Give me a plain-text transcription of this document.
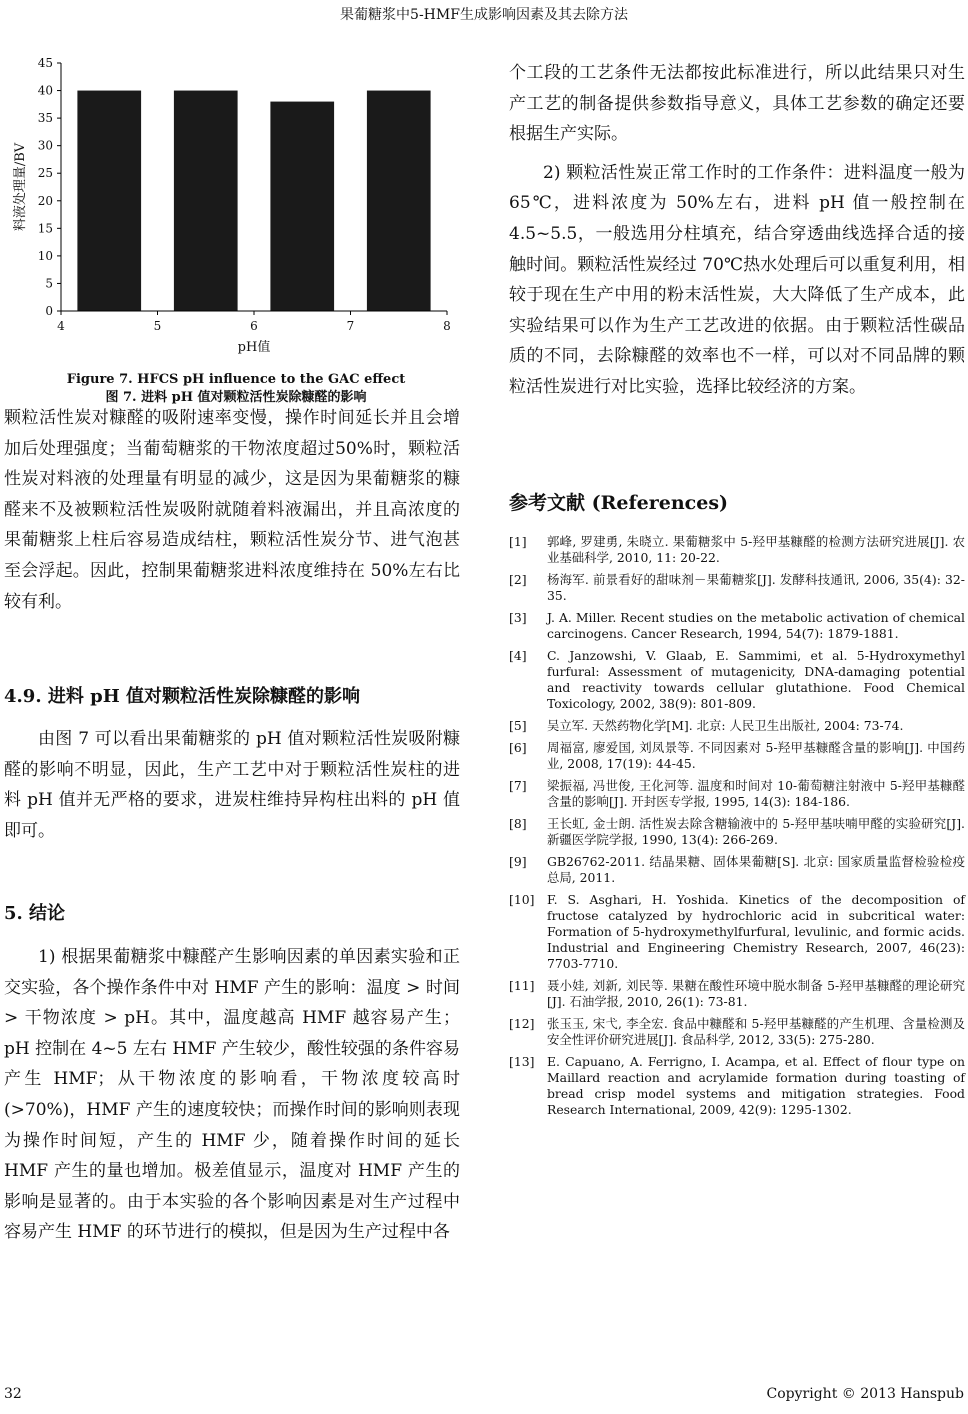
果葡糖浆中5-HMF生成影响因素及其去除方法
0
5
10
15
20
25
30
35
40
45
4	5	6	7	8
pH值
料液处理量/BV
Figure 7. HFCS pH influence to the GAC effect
图 7. 进料 pH 值对颗粒活性炭除糠醛的影响

颗粒活性炭对糠醛的吸附速率变慢，操作时间延长并且会增加后处理强度；当葡萄糖浆的干物浓度超过50%时，颗粒活性炭对料液的处理量有明显的减少，这是因为果葡糖浆的糠醛来不及被颗粒活性炭吸附就随着料液漏出，并且高浓度的果葡糖浆上柱后容易造成结柱，颗粒活性炭分节、进气泡甚至会浮起。因此，控制果葡糖浆进料浓度维持在 50%左右比较有利。

4.9. 进料 pH 值对颗粒活性炭除糠醛的影响

由图 7 可以看出果葡糖浆的 pH 值对颗粒活性炭吸附糠醛的影响不明显，因此，生产工艺中对于颗粒活性炭柱的进料 pH 值并无严格的要求，进炭柱维持异构柱出料的 pH 值即可。

5. 结论

1) 根据果葡糖浆中糠醛产生影响因素的单因素实验和正交实验，各个操作条件中对 HMF 产生的影响：温度 > 时间 > 干物浓度 > pH。其中，温度越高 HMF 越容易产生；pH 控制在 4~5 左右 HMF 产生较少，酸性较强的条件容易产生 HMF；从干物浓度的影响看，干物浓度较高时(>70%)，HMF 产生的速度较快；而操作时间的影响则表现为操作时间短，产生的 HMF 少，随着操作时间的延长 HMF 产生的量也增加。极差值显示，温度对 HMF 产生的影响是显著的。由于本实验的各个影响因素是对生产过程中容易产生 HMF 的环节进行的模拟，但是因为生产过程中各

个工段的工艺条件无法都按此标准进行，所以此结果只对生产工艺的制备提供参数指导意义，具体工艺参数的确定还要根据生产实际。

2) 颗粒活性炭正常工作时的工作条件：进料温度一般为 65℃，进料浓度为 50%左右，进料 pH 值一般控制在 4.5~5.5，一般选用分柱填充，结合穿透曲线选择合适的接触时间。颗粒活性炭经过 70℃热水处理后可以重复利用，相较于现在生产中用的粉末活性炭，大大降低了生产成本，此实验结果可以作为生产工艺改进的依据。由于颗粒活性碳品质的不同，去除糠醛的效率也不一样，可以对不同品牌的颗粒活性炭进行对比实验，选择比较经济的方案。

参考文献 (References)
[1]	郭峰, 罗建勇, 朱晓立. 果葡糖浆中 5-羟甲基糠醛的检测方法研究进展[J]. 农业基础科学, 2010, 11: 20-22.
[2]	杨海军. 前景看好的甜味剂－果葡糖浆[J]. 发酵科技通讯, 2006, 35(4): 32-35.
[3]	J. A. Miller. Recent studies on the metabolic activation of chemical carcinogens. Cancer Research, 1994, 54(7): 1879-1881.
[4]	C. Janzowshi, V. Glaab, E. Sammimi, et al. 5-Hydroxymethyl furfural: Assessment of mutagenicity, DNA-damaging potential and reactivity towards cellular glutathione. Food Chemical Toxicology, 2002, 38(9): 801-809.
[5]	吴立军. 天然药物化学[M]. 北京: 人民卫生出版社, 2004: 73-74.
[6]	周福富, 廖爱国, 刘凤景等. 不同因素对 5-羟甲基糠醛含量的影响[J]. 中国药业, 2008, 17(19): 44-45.
[7]	梁振福, 冯世俊, 王化河等. 温度和时间对 10-葡萄糖注射液中 5-羟甲基糠醛含量的影响[J]. 开封医专学报, 1995, 14(3): 184-186.
[8]	王长虹, 金士朗. 活性炭去除含糖输液中的 5-羟甲基呋喃甲醛的实验研究[J]. 新疆医学院学报, 1990, 13(4): 266-269.
[9]	GB26762-2011. 结晶果糖、固体果葡糖[S]. 北京: 国家质量监督检验检疫总局, 2011.
[10]	F. S. Asghari, H. Yoshida. Kinetics of the decomposition of fructose catalyzed by hydrochloric acid in subcritical water: Formation of 5-hydroxymethylfurfural, levulinic, and formic acids. Industrial and Engineering Chemistry Research, 2007, 46(23): 7703-7710.
[11]	聂小娃, 刘新, 刘民等. 果糖在酸性环境中脱水制备 5-羟甲基糠醛的理论研究[J]. 石油学报, 2010, 26(1): 73-81.
[12]	张玉玉, 宋弋, 李全宏. 食品中糠醛和 5-羟甲基糠醛的产生机理、含量检测及安全性评价研究进展[J]. 食品科学, 2012, 33(5): 275-280.
[13]	E. Capuano, A. Ferrigno, I. Acampa, et al. Effect of flour type on Maillard reaction and acrylamide formation during toasting of bread crisp model systems and mitigation strategies. Food Research International, 2009, 42(9): 1295-1302.
32	Copyright © 2013 Hanspub
